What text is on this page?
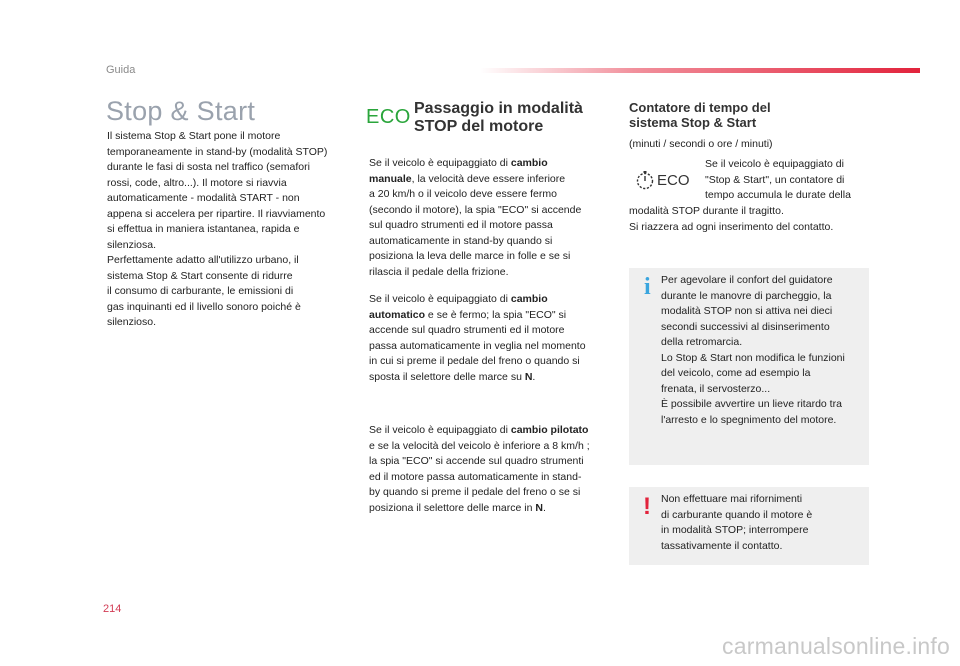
Guida
Stop & Start
Il sistema Stop & Start pone il motore
temporaneamente in stand-by (modalità STOP)
durante le fasi di sosta nel traffico (semafori
rossi, code, altro...). Il motore si riavvia
automaticamente - modalità START - non
appena si accelera per ripartire. Il riavviamento
si effettua in maniera istantanea, rapida e
silenziosa.
Perfettamente adatto all'utilizzo urbano, il
sistema Stop & Start consente di ridurre
il consumo di carburante, le emissioni di
gas inquinanti ed il livello sonoro poiché è
silenzioso.
ECO Passaggio in modalità
STOP del motore
Se il veicolo è equipaggiato di cambio
manuale, la velocità deve essere inferiore
a 20 km/h o il veicolo deve essere fermo
(secondo il motore), la spia "ECO" si accende
sul quadro strumenti ed il motore passa
automaticamente in stand-by quando si
posiziona la leva delle marce in folle e se si
rilascia il pedale della frizione.
Se il veicolo è equipaggiato di cambio
automatico e se è fermo; la spia "ECO" si
accende sul quadro strumenti ed il motore
passa automaticamente in veglia nel momento
in cui si preme il pedale del freno o quando si
sposta il selettore delle marce su N.
Se il veicolo è equipaggiato di cambio pilotato
e se la velocità del veicolo è inferiore a 8 km/h ;
la spia "ECO" si accende sul quadro strumenti
ed il motore passa automaticamente in stand-
by quando si preme il pedale del freno o se si
posiziona il selettore delle marce in N.
Contatore di tempo del
sistema Stop & Start
(minuti / secondi o ore / minuti)
ECO
Se il veicolo è equipaggiato di
"Stop & Start", un contatore di
tempo accumula le durate della
modalità STOP durante il tragitto.
Si riazzera ad ogni inserimento del contatto.
i Per agevolare il confort del guidatore
durante le manovre di parcheggio, la
modalità STOP non si attiva nei dieci
secondi successivi al disinserimento
della retromarcia.
Lo Stop & Start non modifica le funzioni
del veicolo, come ad esempio la
frenata, il servosterzo...
È possibile avvertire un lieve ritardo tra
l'arresto e lo spegnimento del motore.
! Non effettuare mai rifornimenti
di carburante quando il motore è
in modalità STOP; interrompere
tassativamente il contatto.
214
carmanualsonline.info
